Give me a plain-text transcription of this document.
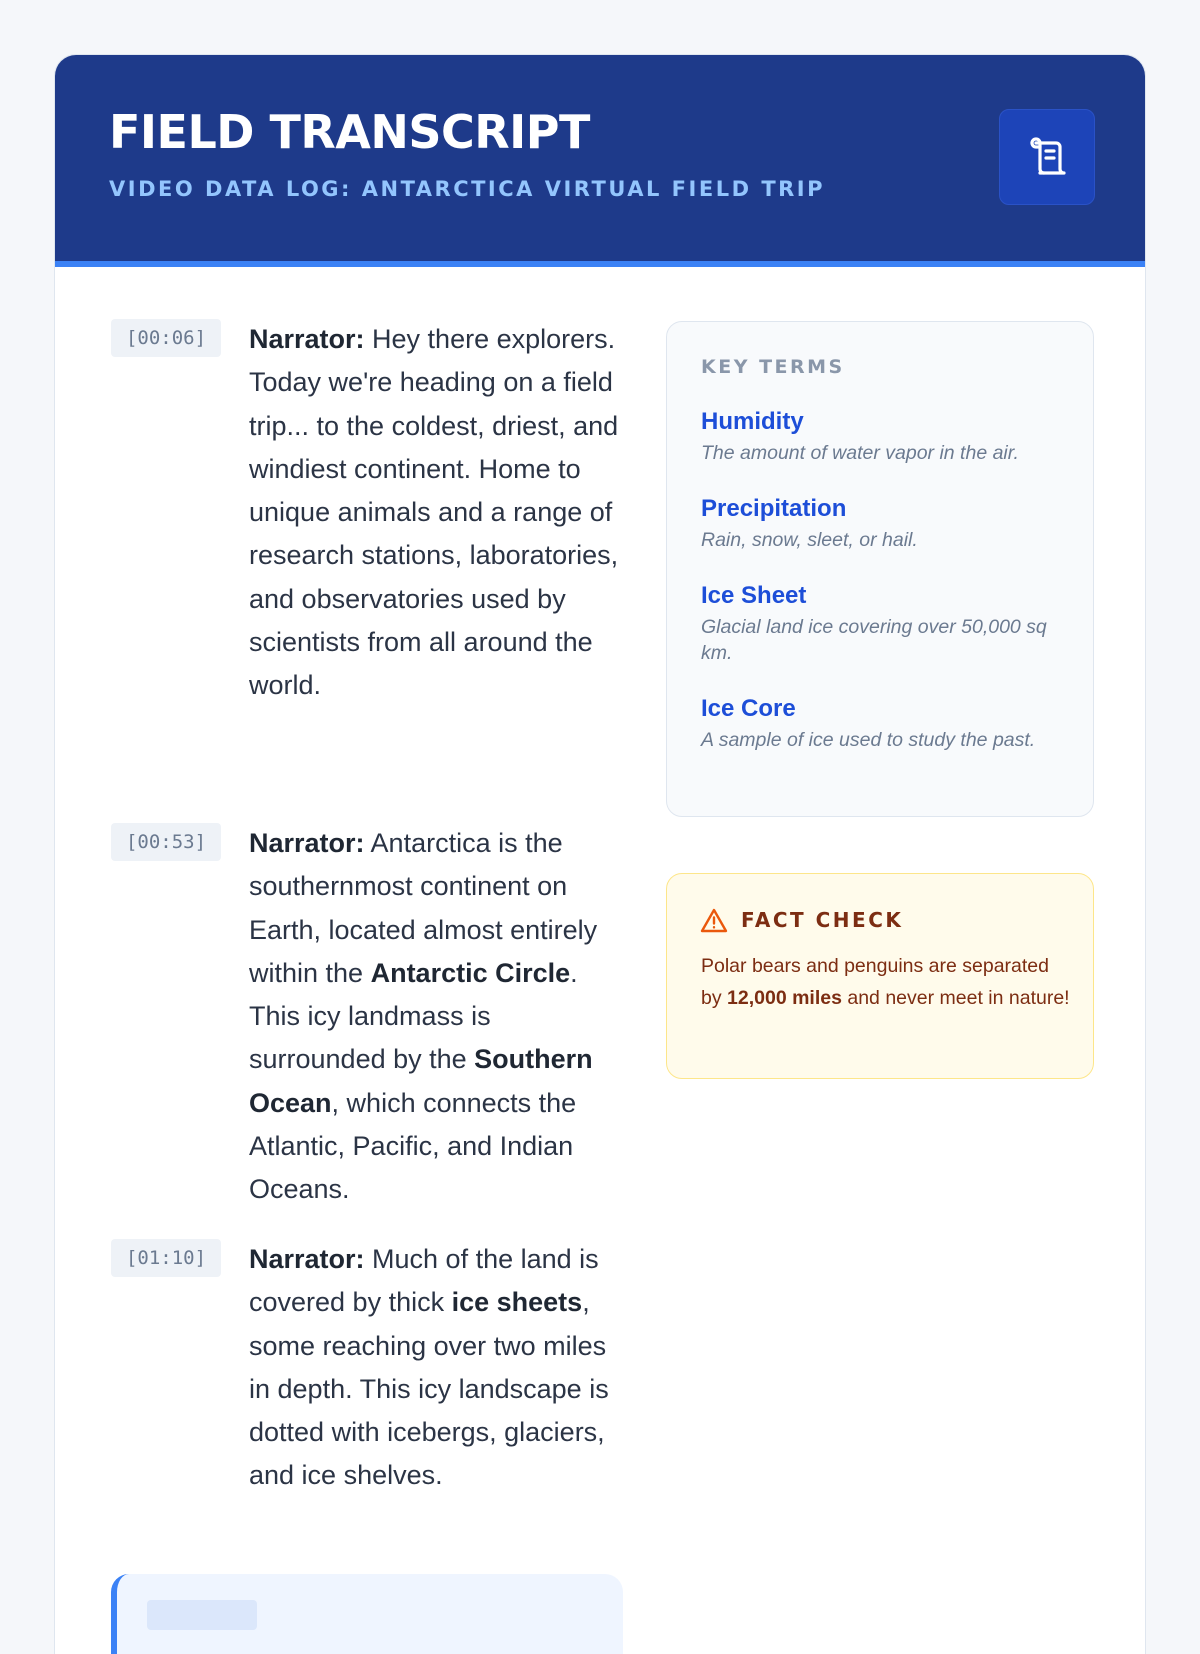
FIELD TRANSCRIPT
VIDEO DATA LOG: ANTARCTICA VIRTUAL FIELD TRIP
[00:06]	Narrator: Hey there explorers. Today we're heading on a field trip... to the coldest, driest, and windiest continent. Home to unique animals and a range of research stations, laboratories, and observatories used by scientists from all around the world.

[00:53]	Narrator: Antarctica is the southernmost continent on Earth, located almost entirely within the Antarctic Circle. This icy landmass is surrounded by the Southern Ocean, which connects the Atlantic, Pacific, and Indian Oceans.

[01:10]	Narrator: Much of the land is covered by thick ice sheets, some reaching over two miles in depth. This icy landscape is dotted with icebergs, glaciers, and ice shelves.

KEY TERMS

Humidity

The amount of water vapor in the air.

Precipitation

Rain, snow, sleet, or hail.

Ice Sheet

Glacial land ice covering over 50,000 sq km.

Ice Core

A sample of ice used to study the past.

FACT CHECK

Polar bears and penguins are separated by 12,000 miles and never meet in nature!
